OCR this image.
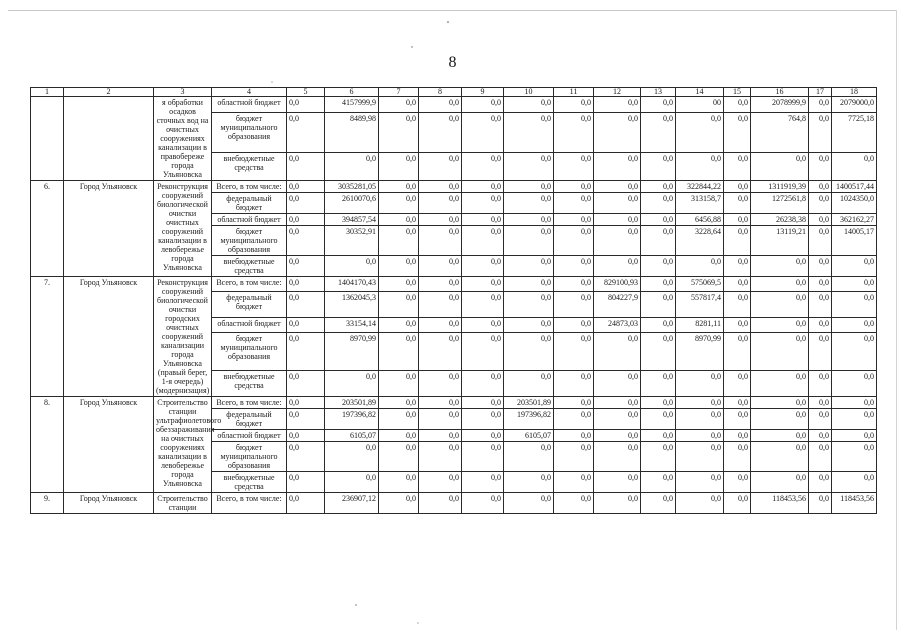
8
1	2	3	4	5	6	7	8	9	10	11	12	13	14	15	16	17	18
		я обработки осадков сточных вод на очистных сооружениях канализации в правобереже города Ульяновска	областной бюджет	0,0	4157999,9	0,0	0,0	0,0	0,0	0,0	0,0	0,0	00	0,0	2078999,9	0,0	2079000,0
			бюджет муниципального образования	0,0	8489,98	0,0	0,0	0,0	0,0	0,0	0,0	0,0	0,0	0,0	764,8	0,0	7725,18
			внебюджетные средства	0,0	0,0	0,0	0,0	0,0	0,0	0,0	0,0	0,0	0,0	0,0	0,0	0,0	0,0
6.	Город Ульяновск	Реконструкция сооружений биологической очистки очистных сооружений канализации в левобережье города Ульяновска	Всего, в том числе:	0,0	3035281,05	0,0	0,0	0,0	0,0	0,0	0,0	0,0	322844,22	0,0	1311919,39	0,0	1400517,44
			федеральный бюджет	0,0	2610070,6	0,0	0,0	0,0	0,0	0,0	0,0	0,0	313158,7	0,0	1272561,8	0,0	1024350,0
			областной бюджет	0,0	394857,54	0,0	0,0	0,0	0,0	0,0	0,0	0,0	6456,88	0,0	26238,38	0,0	362162,27
			бюджет муниципального образования	0,0	30352,91	0,0	0,0	0,0	0,0	0,0	0,0	0,0	3228,64	0,0	13119,21	0,0	14005,17
			внебюджетные средства	0,0	0,0	0,0	0,0	0,0	0,0	0,0	0,0	0,0	0,0	0,0	0,0	0,0	0,0
7.	Город Ульяновск	Реконструкция сооружений биологической очистки городских очистных сооружений канализации города Ульяновска (правый берег, 1-я очередь) (модернизация)	Всего, в том числе:	0,0	1404170,43	0,0	0,0	0,0	0,0	0,0	829100,93	0,0	575069,5	0,0	0,0	0,0	0,0
			федеральный бюджет	0,0	1362045,3	0,0	0,0	0,0	0,0	0,0	804227,9	0,0	557817,4	0,0	0,0	0,0	0,0
			областной бюджет	0,0	33154,14	0,0	0,0	0,0	0,0	0,0	24873,03	0,0	8281,11	0,0	0,0	0,0	0,0
			бюджет муниципального образования	0,0	8970,99	0,0	0,0	0,0	0,0	0,0	0,0	0,0	8970,99	0,0	0,0	0,0	0,0
			внебюджетные средства	0,0	0,0	0,0	0,0	0,0	0,0	0,0	0,0	0,0	0,0	0,0	0,0	0,0	0,0
8.	Город Ульяновск	Строительство станции ультрафиолетового обеззараживания на очистных сооружениях канализации в левобережье города Ульяновска	Всего, в том числе:	0,0	203501,89	0,0	0,0	0,0	203501,89	0,0	0,0	0,0	0,0	0,0	0,0	0,0	0,0
			федеральный бюджет	0,0	197396,82	0,0	0,0	0,0	197396,82	0,0	0,0	0,0	0,0	0,0	0,0	0,0	0,0
			областной бюджет	0,0	6105,07	0,0	0,0	0,0	6105,07	0,0	0,0	0,0	0,0	0,0	0,0	0,0	0,0
			бюджет муниципального образования	0,0	0,0	0,0	0,0	0,0	0,0	0,0	0,0	0,0	0,0	0,0	0,0	0,0	0,0
			внебюджетные средства	0,0	0,0	0,0	0,0	0,0	0,0	0,0	0,0	0,0	0,0	0,0	0,0	0,0	0,0
9.	Город Ульяновск	Строительство станции	Всего, в том числе:	0,0	236907,12	0,0	0,0	0,0	0,0	0,0	0,0	0,0	0,0	0,0	118453,56	0,0	118453,56
